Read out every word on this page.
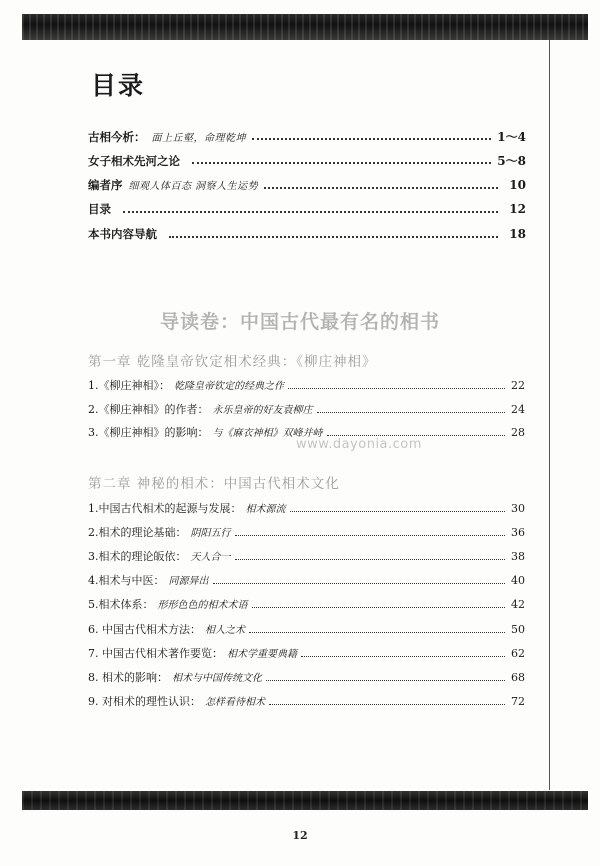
目录
古相今析： 面上丘壑，命理乾坤	1～4
女子相术先河之论	5～8
编者序 细观人体百态 洞察人生运势	10
目录	12
本书内容导航	18
导读卷：中国古代最有名的相书
第一章 乾隆皇帝钦定相术经典：《柳庄神相》
1.《柳庄神相》： 乾隆皇帝钦定的经典之作	22
2.《柳庄神相》的作者： 永乐皇帝的好友袁柳庄	24
3.《柳庄神相》的影响： 与《麻衣神相》双峰并峙	28
www.dayonia.com
第二章 神秘的相术：中国古代相术文化
1.中国古代相术的起源与发展： 相术源流	30
2.相术的理论基础： 阴阳五行	36
3.相术的理论皈依： 天人合一	38
4.相术与中医： 同源异出	40
5.相术体系： 形形色色的相术术语	42
6. 中国古代相术方法： 相人之术	50
7. 中国古代相术著作要览： 相术学重要典籍	62
8. 相术的影响： 相术与中国传统文化	68
9. 对相术的理性认识： 怎样看待相术	72
12
